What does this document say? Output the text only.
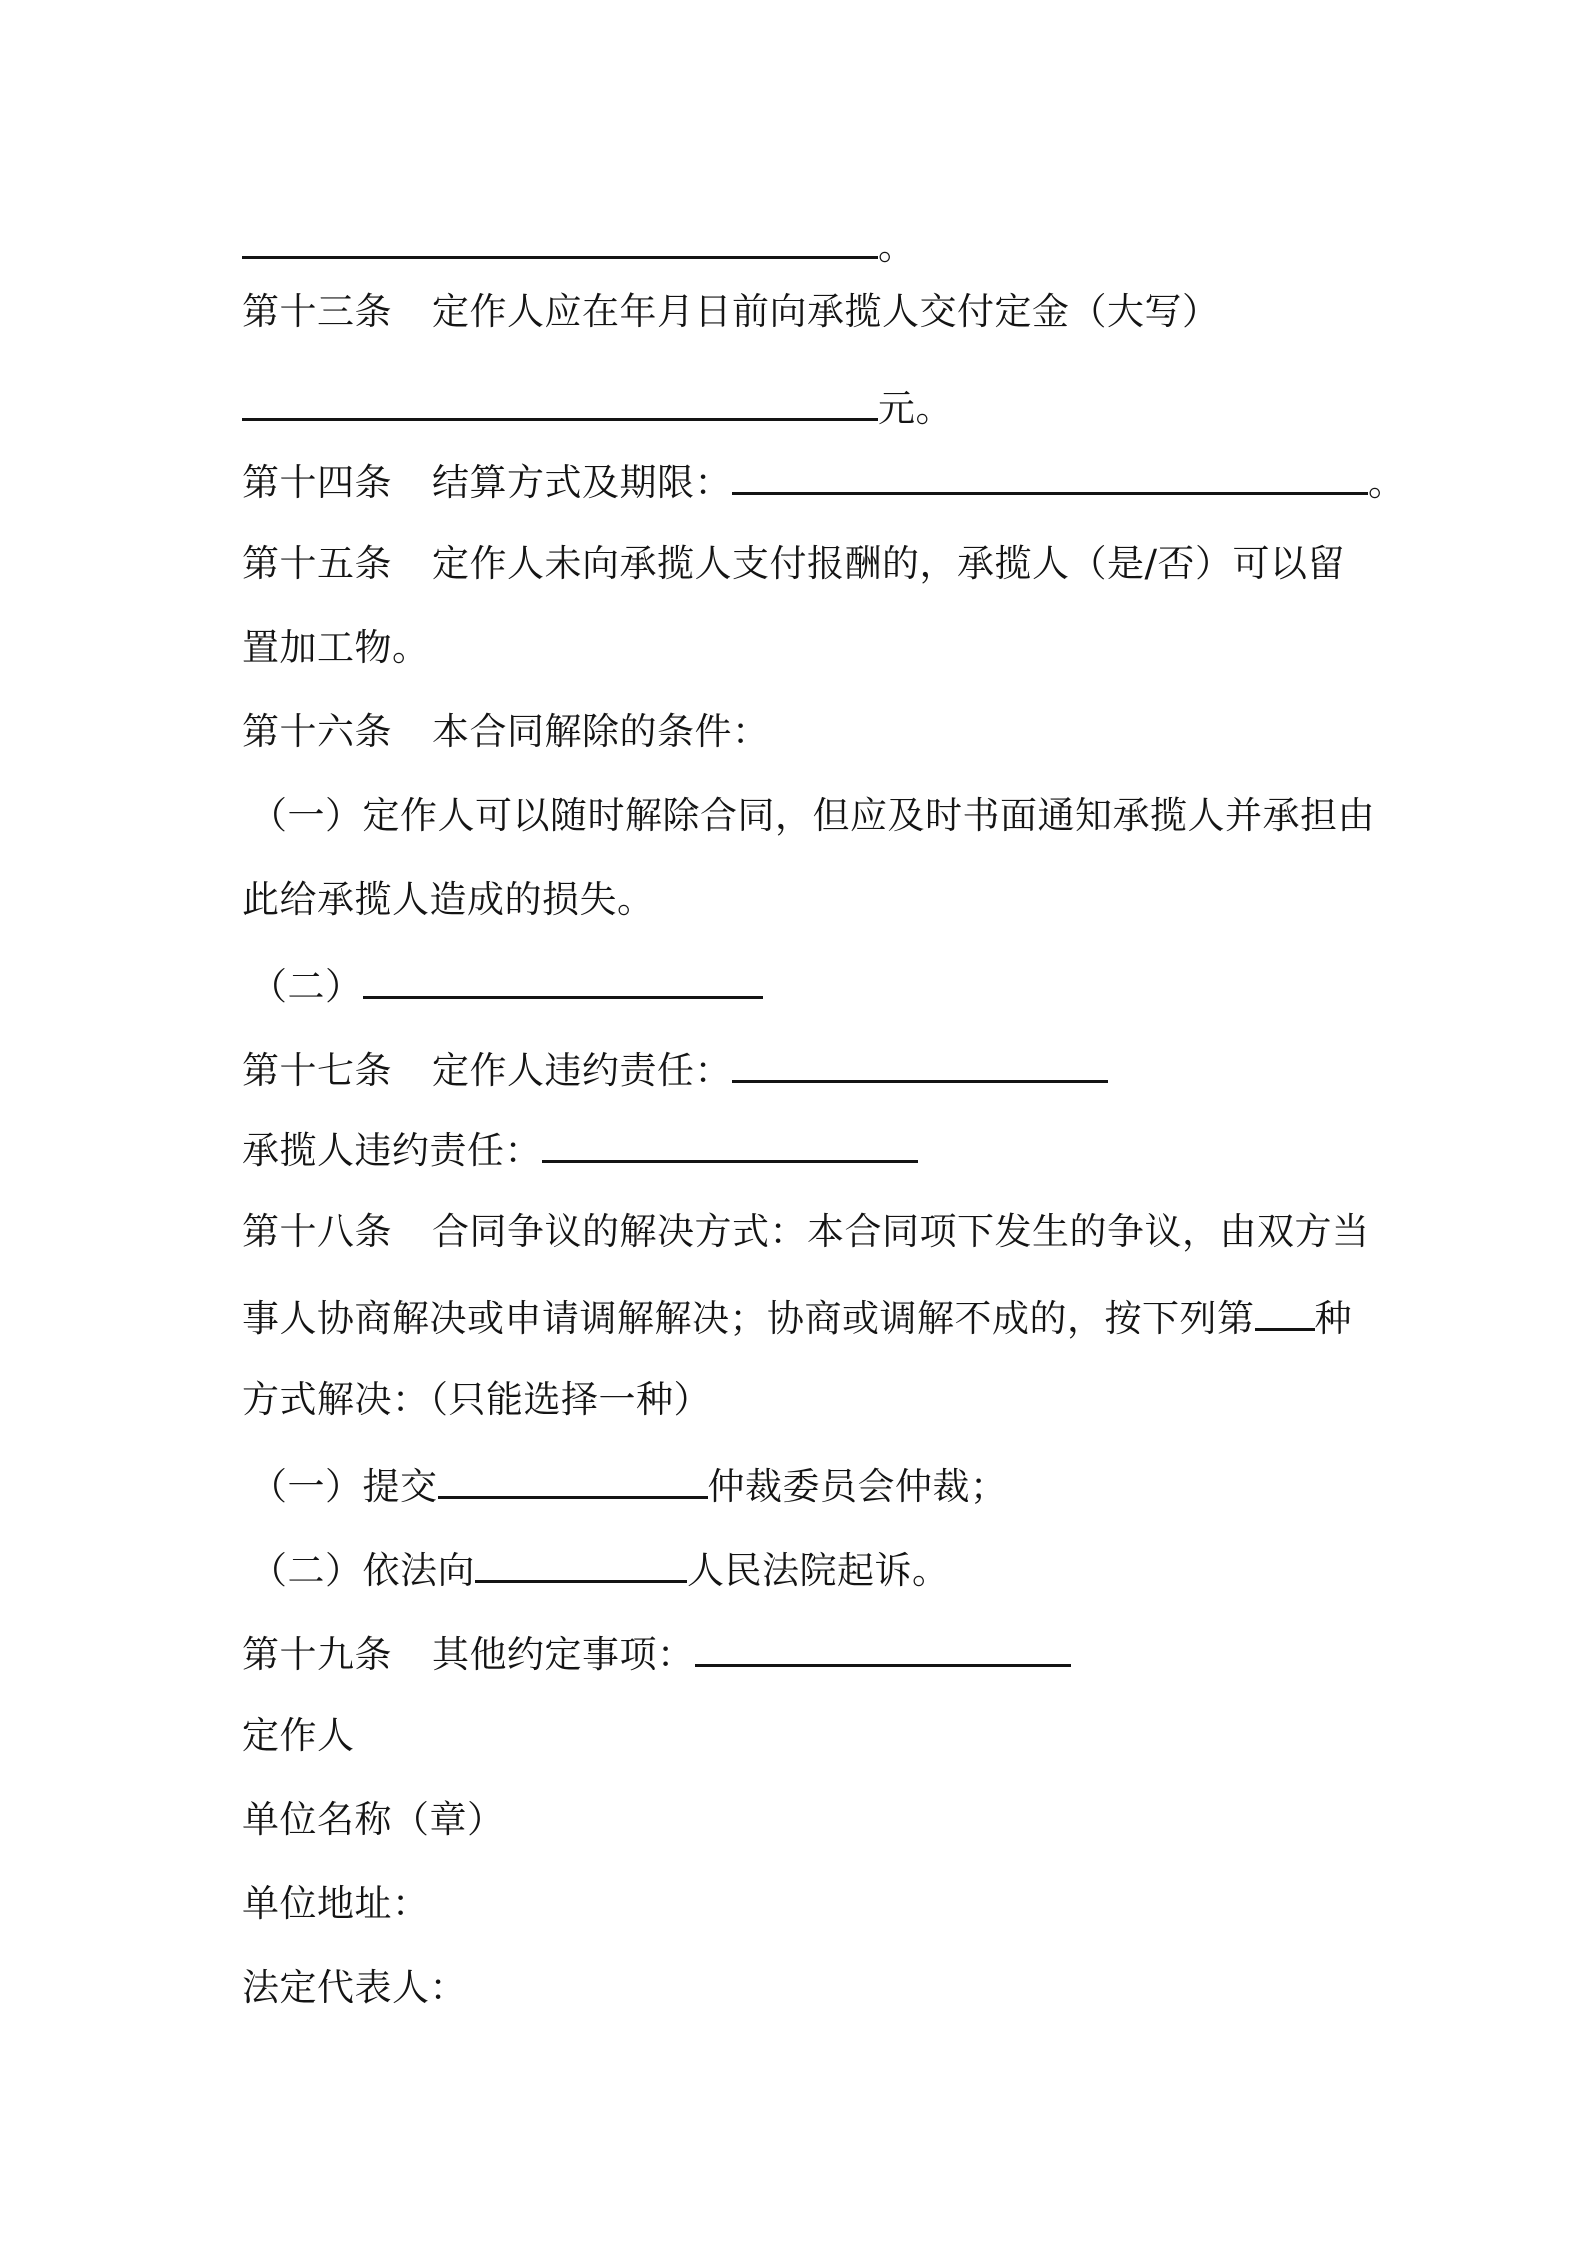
。
第十三条 定作人应在年月日前向承揽人交付定金（大写）
元。
第十四条 结算方式及期限：	。
第十五条 定作人未向承揽人支付报酬的，承揽人（是/否）可以留
置加工物。
第十六条 本合同解除的条件：
（一）定作人可以随时解除合同，但应及时书面通知承揽人并承担由
此给承揽人造成的损失。
（二）
第十七条 定作人违约责任：
承揽人违约责任：
第十八条 合同争议的解决方式：本合同项下发生的争议，由双方当
事人协商解决或申请调解解决；协商或调解不成的，按下列第 种
方式解决：（只能选择一种）
（一）提交	仲裁委员会仲裁；
（二）依法向	人民法院起诉。
第十九条 其他约定事项：
定作人
单位名称（章）
单位地址：
法定代表人：
